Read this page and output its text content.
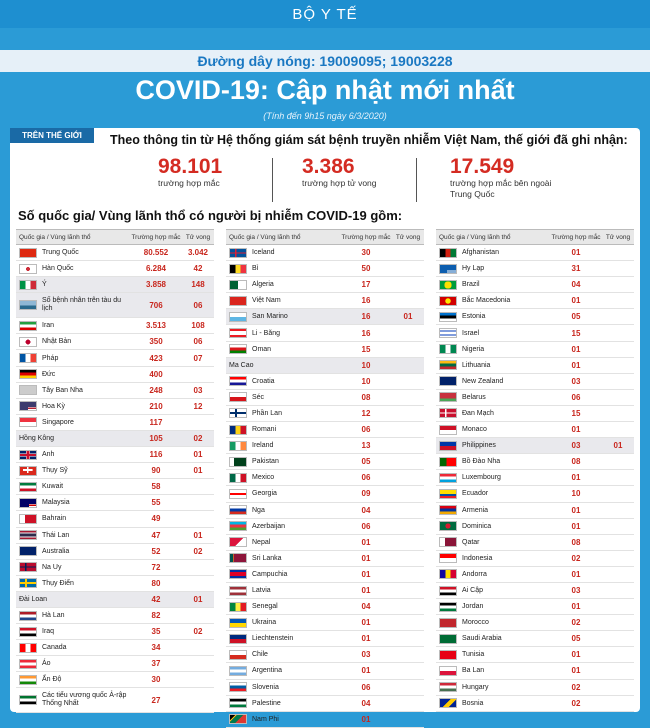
BỘ Y TẾ
Đường dây nóng: 19009095; 19003228
COVID-19: Cập nhật mới nhất
(Tính đến 9h15 ngày 6/3/2020)
TRÊN THẾ GIỚI	Theo thông tin từ Hệ thống giám sát bệnh truyền nhiễm Việt Nam, thế giới đã ghi nhận:
98.101
trường hợp mắc
3.386
trường hợp tử vong
17.549
trường hợp mắc bên ngoài Trung Quốc
Số quốc gia/ Vùng lãnh thổ có người bị nhiễm COVID-19 gồm:
Quốc gia / Vùng lãnh thổ	Trường hợp mắc Tử vong
Trung Quốc	80.552	3.042
Hàn Quốc	6.284	42
Ý	3.858	148
Số bệnh nhân trên tàu du lịch	706	06
Iran	3.513	108
Nhật Bản	350	06
Pháp	423	07
Đức	400
Tây Ban Nha	248	03
Hoa Kỳ	210	12
Singapore	117
Hồng Kông	105	02
Anh	116	01
Thụy Sỹ	90	01
Kuwait	58
Malaysia	55
Bahrain	49
Thái Lan	47	01
Australia	52	02
Na Uy	72
Thụy Điển	80
Đài Loan	42	01
Hà Lan	82
Iraq	35	02
Canada	34
Áo	37
Ấn Độ	30
Các tiểu vương quốc Ả-rập Thống Nhất	27
Quốc gia / Vùng lãnh thổ	Trường hợp mắc Tử vong
Iceland	30
Bỉ	50
Algeria	17
Việt Nam	16
San Marino	16	01
Li - Băng	16
Oman	15
Ma Cao	10
Croatia	10
Séc	08
Phần Lan	12
Romani	06
Ireland	13
Pakistan	05
Mexico	06
Georgia	09
Nga	04
Azerbaijan	06
Nepal	01
Sri Lanka	01
Campuchia	01
Latvia	01
Senegal	04
Ukraina	01
Liechtenstein	01
Chile	03
Argentina	01
Slovenia	06
Palestine	04
Nam Phi	01
Quốc gia / Vùng lãnh thổ	Trường hợp mắc Tử vong
Afghanistan	01
Hy Lạp	31
Brazil	04
Bắc Macedonia	01
Estonia	05
Israel	15
Nigeria	01
Lithuania	01
New Zealand	03
Belarus	06
Đan Mạch	15
Monaco	01
Philippines	03	01
Bồ Đào Nha	08
Luxembourg	01
Ecuador	10
Armenia	01
Dominica	01
Qatar	08
Indonesia	02
Andorra	01
Ai Cập	03
Jordan	01
Morocco	02
Saudi Arabia	05
Tunisia	01
Ba Lan	01
Hungary	02
Bosnia	02
